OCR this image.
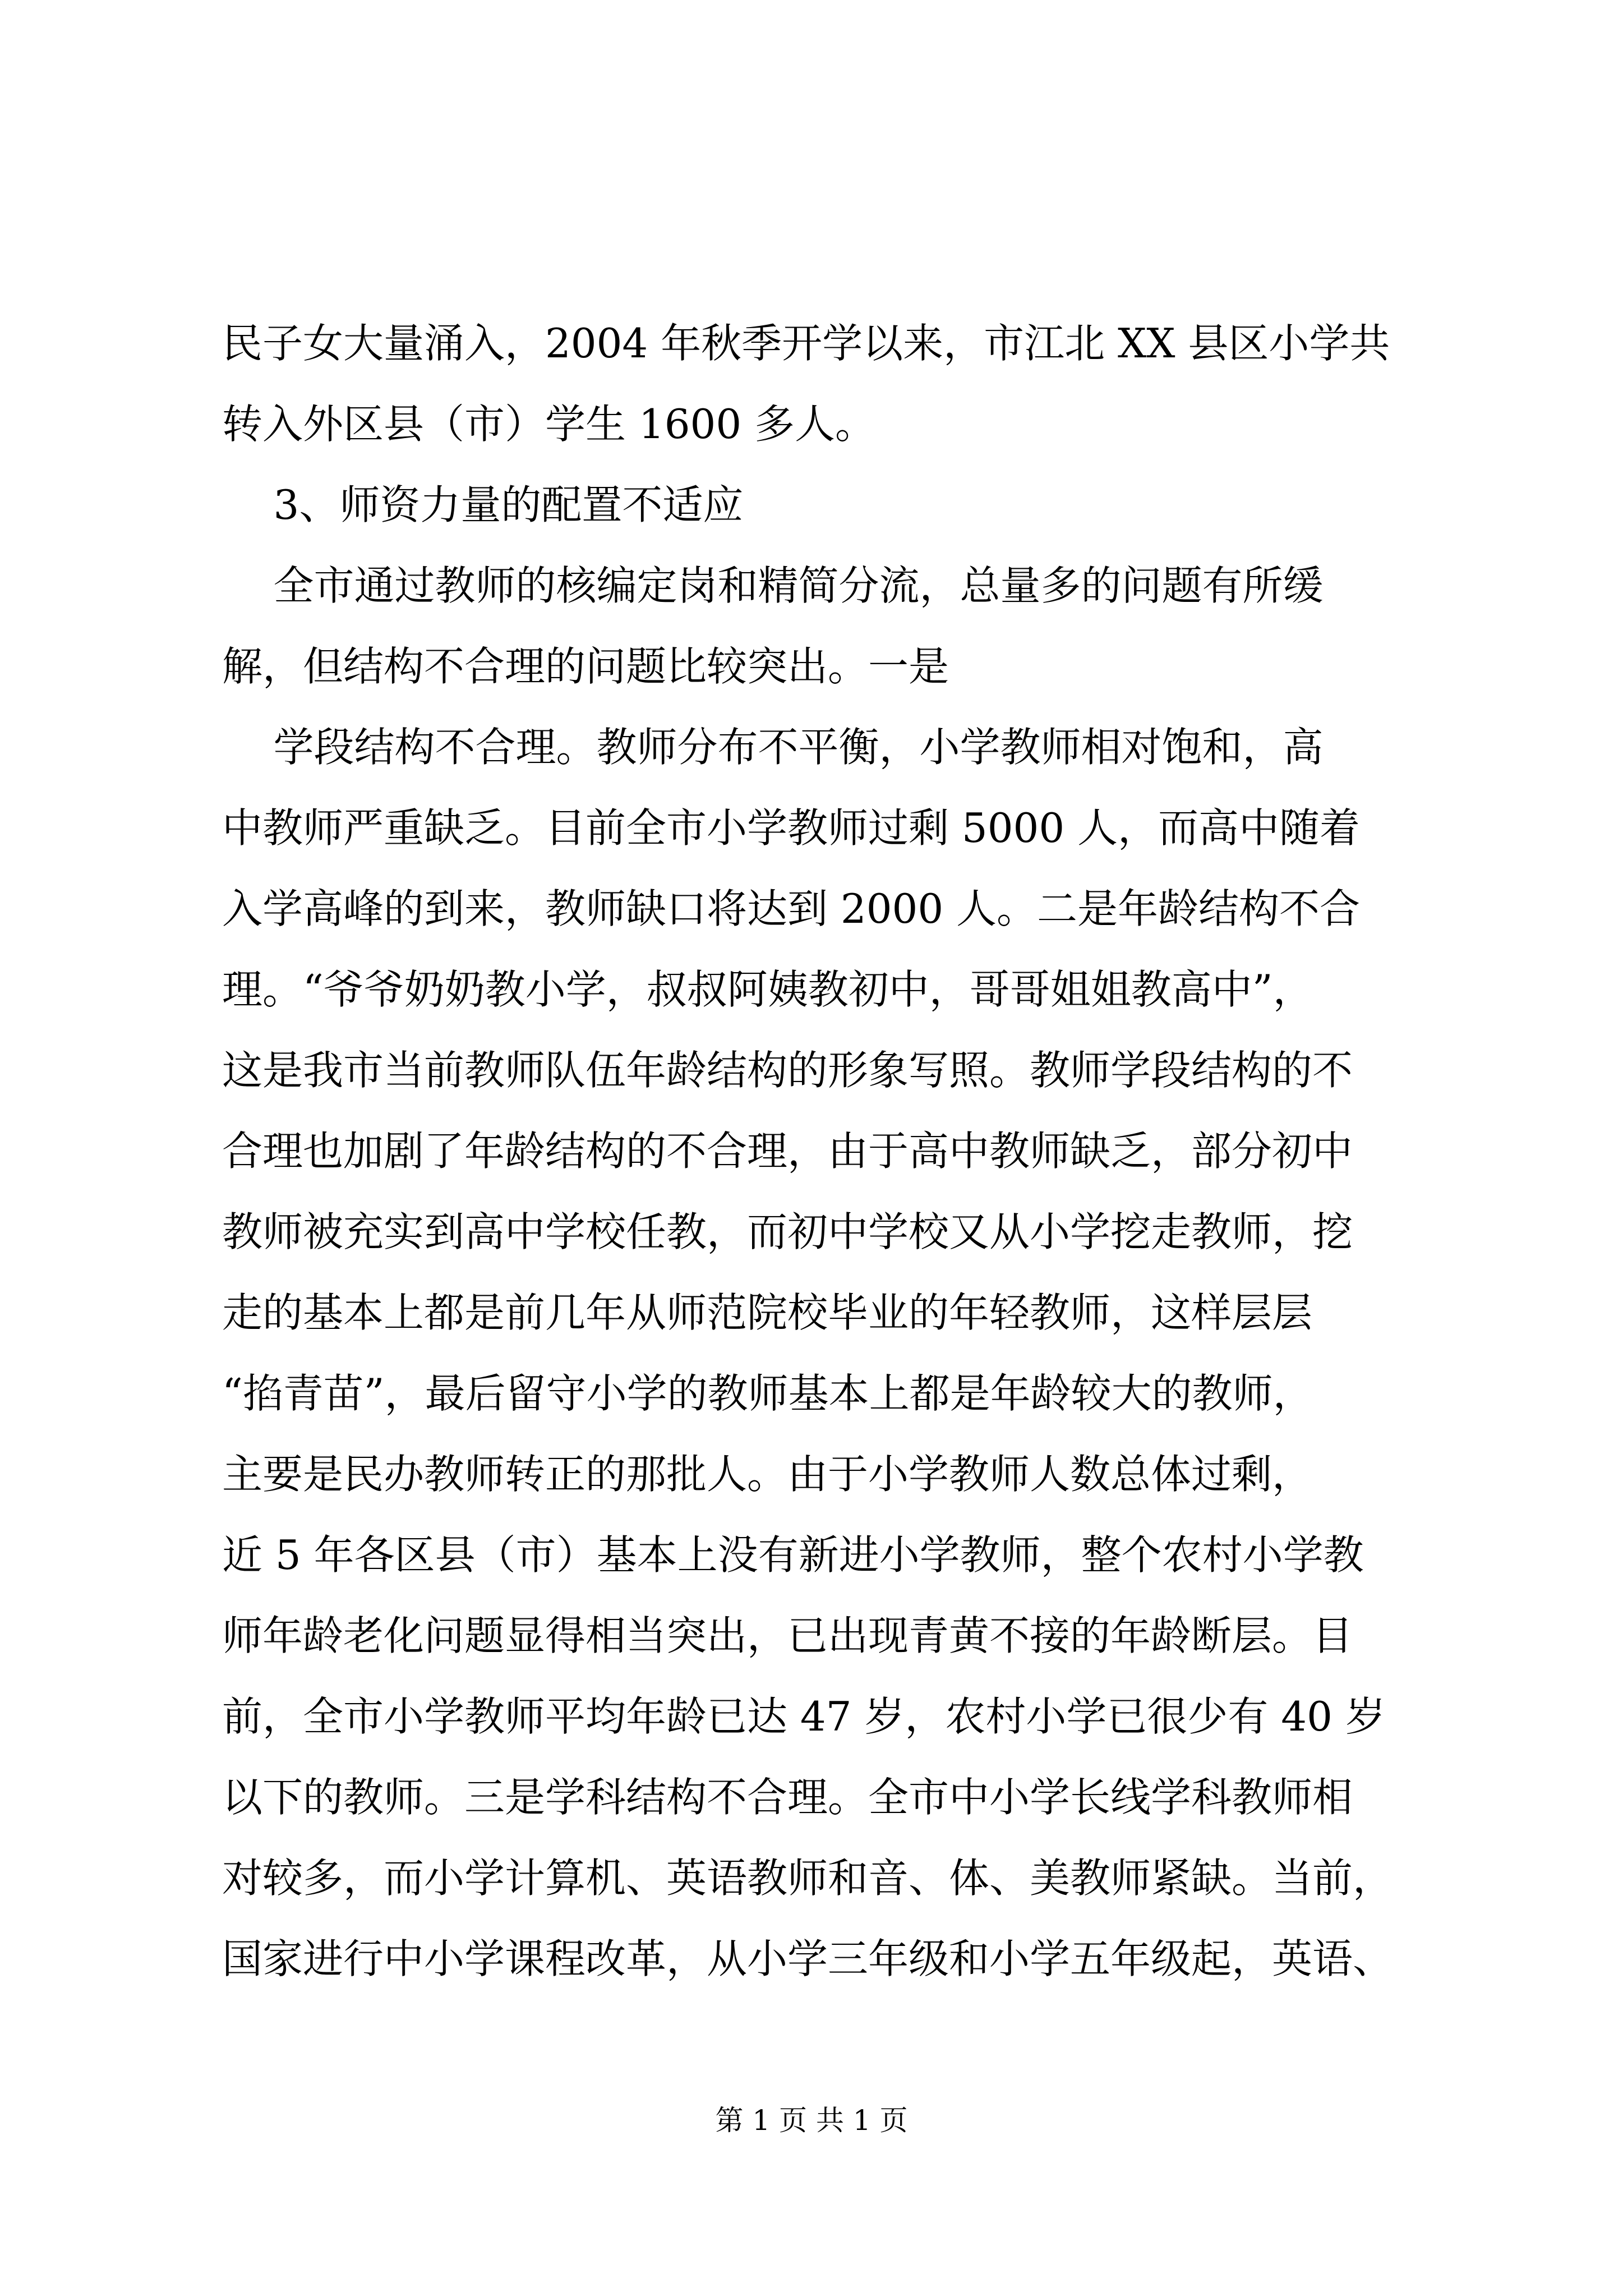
民子女大量涌入，2004 年秋季开学以来，市江北 XX 县区小学共
转入外区县（市）学生 1600 多人。
3、师资力量的配置不适应
全市通过教师的核编定岗和精简分流，总量多的问题有所缓
解，但结构不合理的问题比较突出。一是
学段结构不合理。教师分布不平衡，小学教师相对饱和，高
中教师严重缺乏。目前全市小学教师过剩 5000 人，而高中随着
入学高峰的到来，教师缺口将达到 2000 人。二是年龄结构不合
理。“爷爷奶奶教小学，叔叔阿姨教初中，哥哥姐姐教高中”，
这是我市当前教师队伍年龄结构的形象写照。教师学段结构的不
合理也加剧了年龄结构的不合理，由于高中教师缺乏，部分初中
教师被充实到高中学校任教，而初中学校又从小学挖走教师，挖
走的基本上都是前几年从师范院校毕业的年轻教师，这样层层
“掐青苗”，最后留守小学的教师基本上都是年龄较大的教师，
主要是民办教师转正的那批人。由于小学教师人数总体过剩，
近 5 年各区县（市）基本上没有新进小学教师，整个农村小学教
师年龄老化问题显得相当突出，已出现青黄不接的年龄断层。目
前，全市小学教师平均年龄已达 47 岁，农村小学已很少有 40 岁
以下的教师。三是学科结构不合理。全市中小学长线学科教师相
对较多，而小学计算机、英语教师和音、体、美教师紧缺。当前，
国家进行中小学课程改革，从小学三年级和小学五年级起，英语、
第 1 页 共 1 页
